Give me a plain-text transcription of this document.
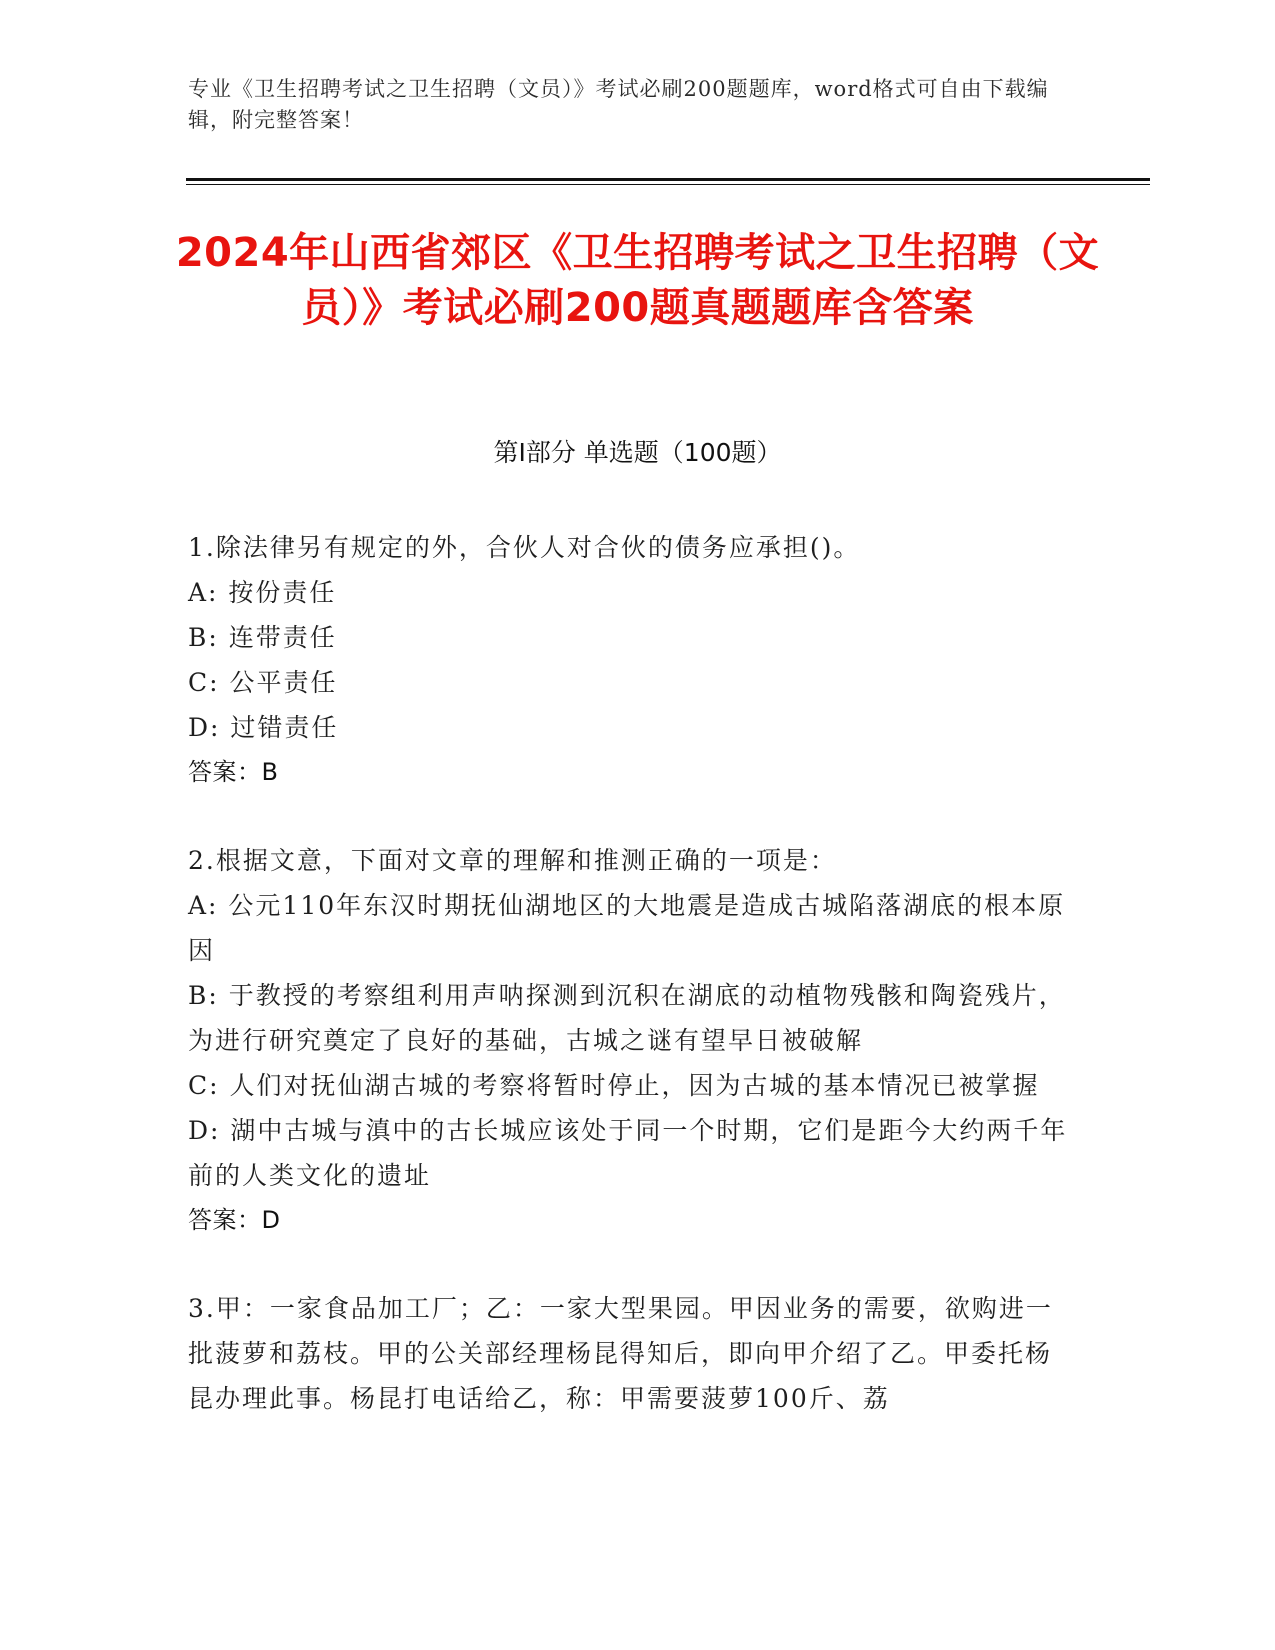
专业《卫生招聘考试之卫生招聘（文员）》考试必刷200题题库，word格式可自由下载编辑，附完整答案！
2024年山西省郊区《卫生招聘考试之卫生招聘（文员）》考试必刷200题真题题库含答案
第I部分 单选题（100题）

1.除法律另有规定的外，合伙人对合伙的债务应承担()。

A: 按份责任

B: 连带责任

C: 公平责任

D: 过错责任

答案：B

2.根据文意，下面对文章的理解和推测正确的一项是：

A: 公元110年东汉时期抚仙湖地区的大地震是造成古城陷落湖底的根本原因

B: 于教授的考察组利用声呐探测到沉积在湖底的动植物残骸和陶瓷残片，为进行研究奠定了良好的基础，古城之谜有望早日被破解

C: 人们对抚仙湖古城的考察将暂时停止，因为古城的基本情况已被掌握

D: 湖中古城与滇中的古长城应该处于同一个时期，它们是距今大约两千年前的人类文化的遗址

答案：D

3.甲：一家食品加工厂；乙：一家大型果园。甲因业务的需要，欲购进一批菠萝和荔枝。甲的公关部经理杨昆得知后，即向甲介绍了乙。甲委托杨昆办理此事。杨昆打电话给乙，称：甲需要菠萝100斤、荔
